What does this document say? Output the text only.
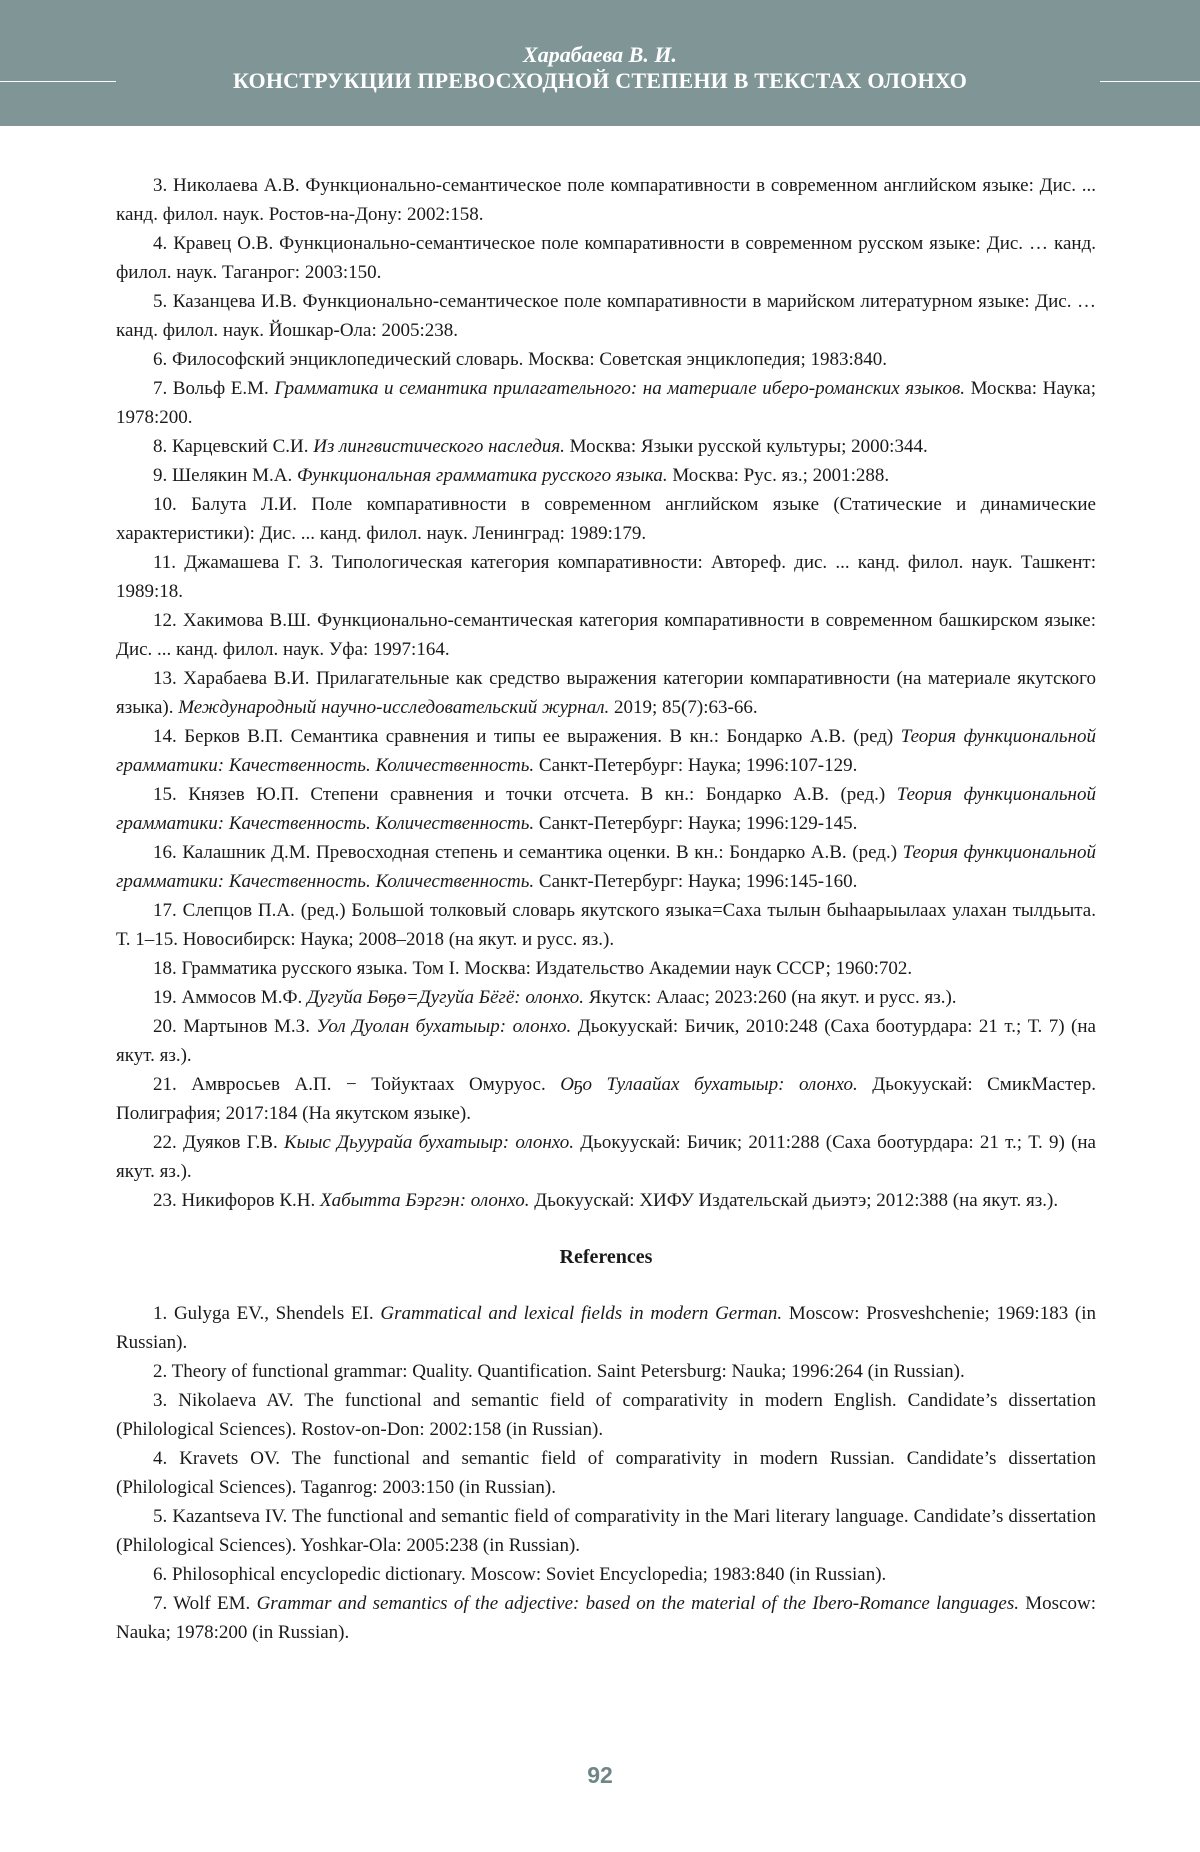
Харабаева В. И.
КОНСТРУКЦИИ ПРЕВОСХОДНОЙ СТЕПЕНИ В ТЕКСТАХ ОЛОНХО

3. Николаева А.В. Функционально-семантическое поле компаративности в современном английском языке: Дис. ... канд. филол. наук. Ростов-на-Дону: 2002:158.

4. Кравец О.В. Функционально-семантическое поле компаративности в современном русском языке: Дис. … канд. филол. наук. Таганрог: 2003:150.

5. Казанцева И.В. Функционально-семантическое поле компаративности в марийском литературном языке: Дис. … канд. филол. наук. Йошкар-Ола: 2005:238.

6. Философский энциклопедический словарь. Москва: Советская энциклопедия; 1983:840.

7. Вольф Е.М. Грамматика и семантика прилагательного: на материале иберо-романских языков. Москва: Наука; 1978:200.

8. Карцевский С.И. Из лингвистического наследия. Москва: Языки русской культуры; 2000:344.

9. Шелякин М.А. Функциональная грамматика русского языка. Москва: Рус. яз.; 2001:288.

10. Балута Л.И. Поле компаративности в современном английском языке (Статические и динамические характеристики): Дис. ... канд. филол. наук. Ленинград: 1989:179.

11. Джамашева Г. З. Типологическая категория компаративности: Автореф. дис. ... канд. филол. наук. Ташкент: 1989:18.

12. Хакимова В.Ш. Функционально-семантическая категория компаративности в современном башкирском языке: Дис. ... канд. филол. наук. Уфа: 1997:164.

13. Харабаева В.И. Прилагательные как средство выражения категории компаративности (на материале якутского языка). Международный научно-исследовательский журнал. 2019; 85(7):63-66.

14. Берков В.П. Семантика сравнения и типы ее выражения. В кн.: Бондарко А.В. (ред) Теория функциональной грамматики: Качественность. Количественность. Санкт-Петербург: Наука; 1996:107-129.

15. Князев Ю.П. Степени сравнения и точки отсчета. В кн.: Бондарко А.В. (ред.) Теория функциональной грамматики: Качественность. Количественность. Санкт-Петербург: Наука; 1996:129-145.

16. Калашник Д.М. Превосходная степень и семантика оценки. В кн.: Бондарко А.В. (ред.) Теория функциональной грамматики: Качественность. Количественность. Санкт-Петербург: Наука; 1996:145-160.

17. Слепцов П.А. (ред.) Большой толковый словарь якутского языка=Саха тылын быhаарыылаах улахан тылдьыта. Т. 1–15. Новосибирск: Наука; 2008–2018 (на якут. и русс. яз.).

18. Грамматика русского языка. Том I. Москва: Издательство Академии наук СССР; 1960:702.

19. Аммосов М.Ф. Дугуйа Бөҕө=Дугуйа Бёгё: олонхо. Якутск: Алаас; 2023:260 (на якут. и русс. яз.).

20. Мартынов М.З. Уол Дуолан бухатыыр: олонхо. Дьокуускай: Бичик, 2010:248 (Саха боотурдара: 21 т.; Т. 7) (на якут. яз.).

21. Амвросьев А.П. − Тойуктаах Омуруос. Оҕо Тулаайах бухатыыр: олонхо. Дьокуускай: СмикМастер. Полиграфия; 2017:184 (На якутском языке).

22. Дуяков Г.В. Кыыс Дьуурайа бухатыыр: олонхо. Дьокуускай: Бичик; 2011:288 (Саха боотурдара: 21 т.; Т. 9) (на якут. яз.).

23. Никифоров К.Н. Хабытта Бэргэн: олонхо. Дьокуускай: ХИФУ Издательскай дьиэтэ; 2012:388 (на якут. яз.).

References

1. Gulyga EV., Shendels EI. Grammatical and lexical fields in modern German. Moscow: Prosveshchenie; 1969:183 (in Russian).

2. Theory of functional grammar: Quality. Quantification. Saint Petersburg: Nauka; 1996:264 (in Russian).

3. Nikolaeva AV. The functional and semantic field of comparativity in modern English. Candidate’s dissertation (Philological Sciences). Rostov-on-Don: 2002:158 (in Russian).

4. Kravets OV. The functional and semantic field of comparativity in modern Russian. Candidate’s dissertation (Philological Sciences). Taganrog: 2003:150 (in Russian).

5. Kazantseva IV. The functional and semantic field of comparativity in the Mari literary language. Candidate’s dissertation (Philological Sciences). Yoshkar-Ola: 2005:238 (in Russian).

6. Philosophical encyclopedic dictionary. Moscow: Soviet Encyclopedia; 1983:840 (in Russian).

7. Wolf EM. Grammar and semantics of the adjective: based on the material of the Ibero-Romance languages. Moscow: Nauka; 1978:200 (in Russian).

92
